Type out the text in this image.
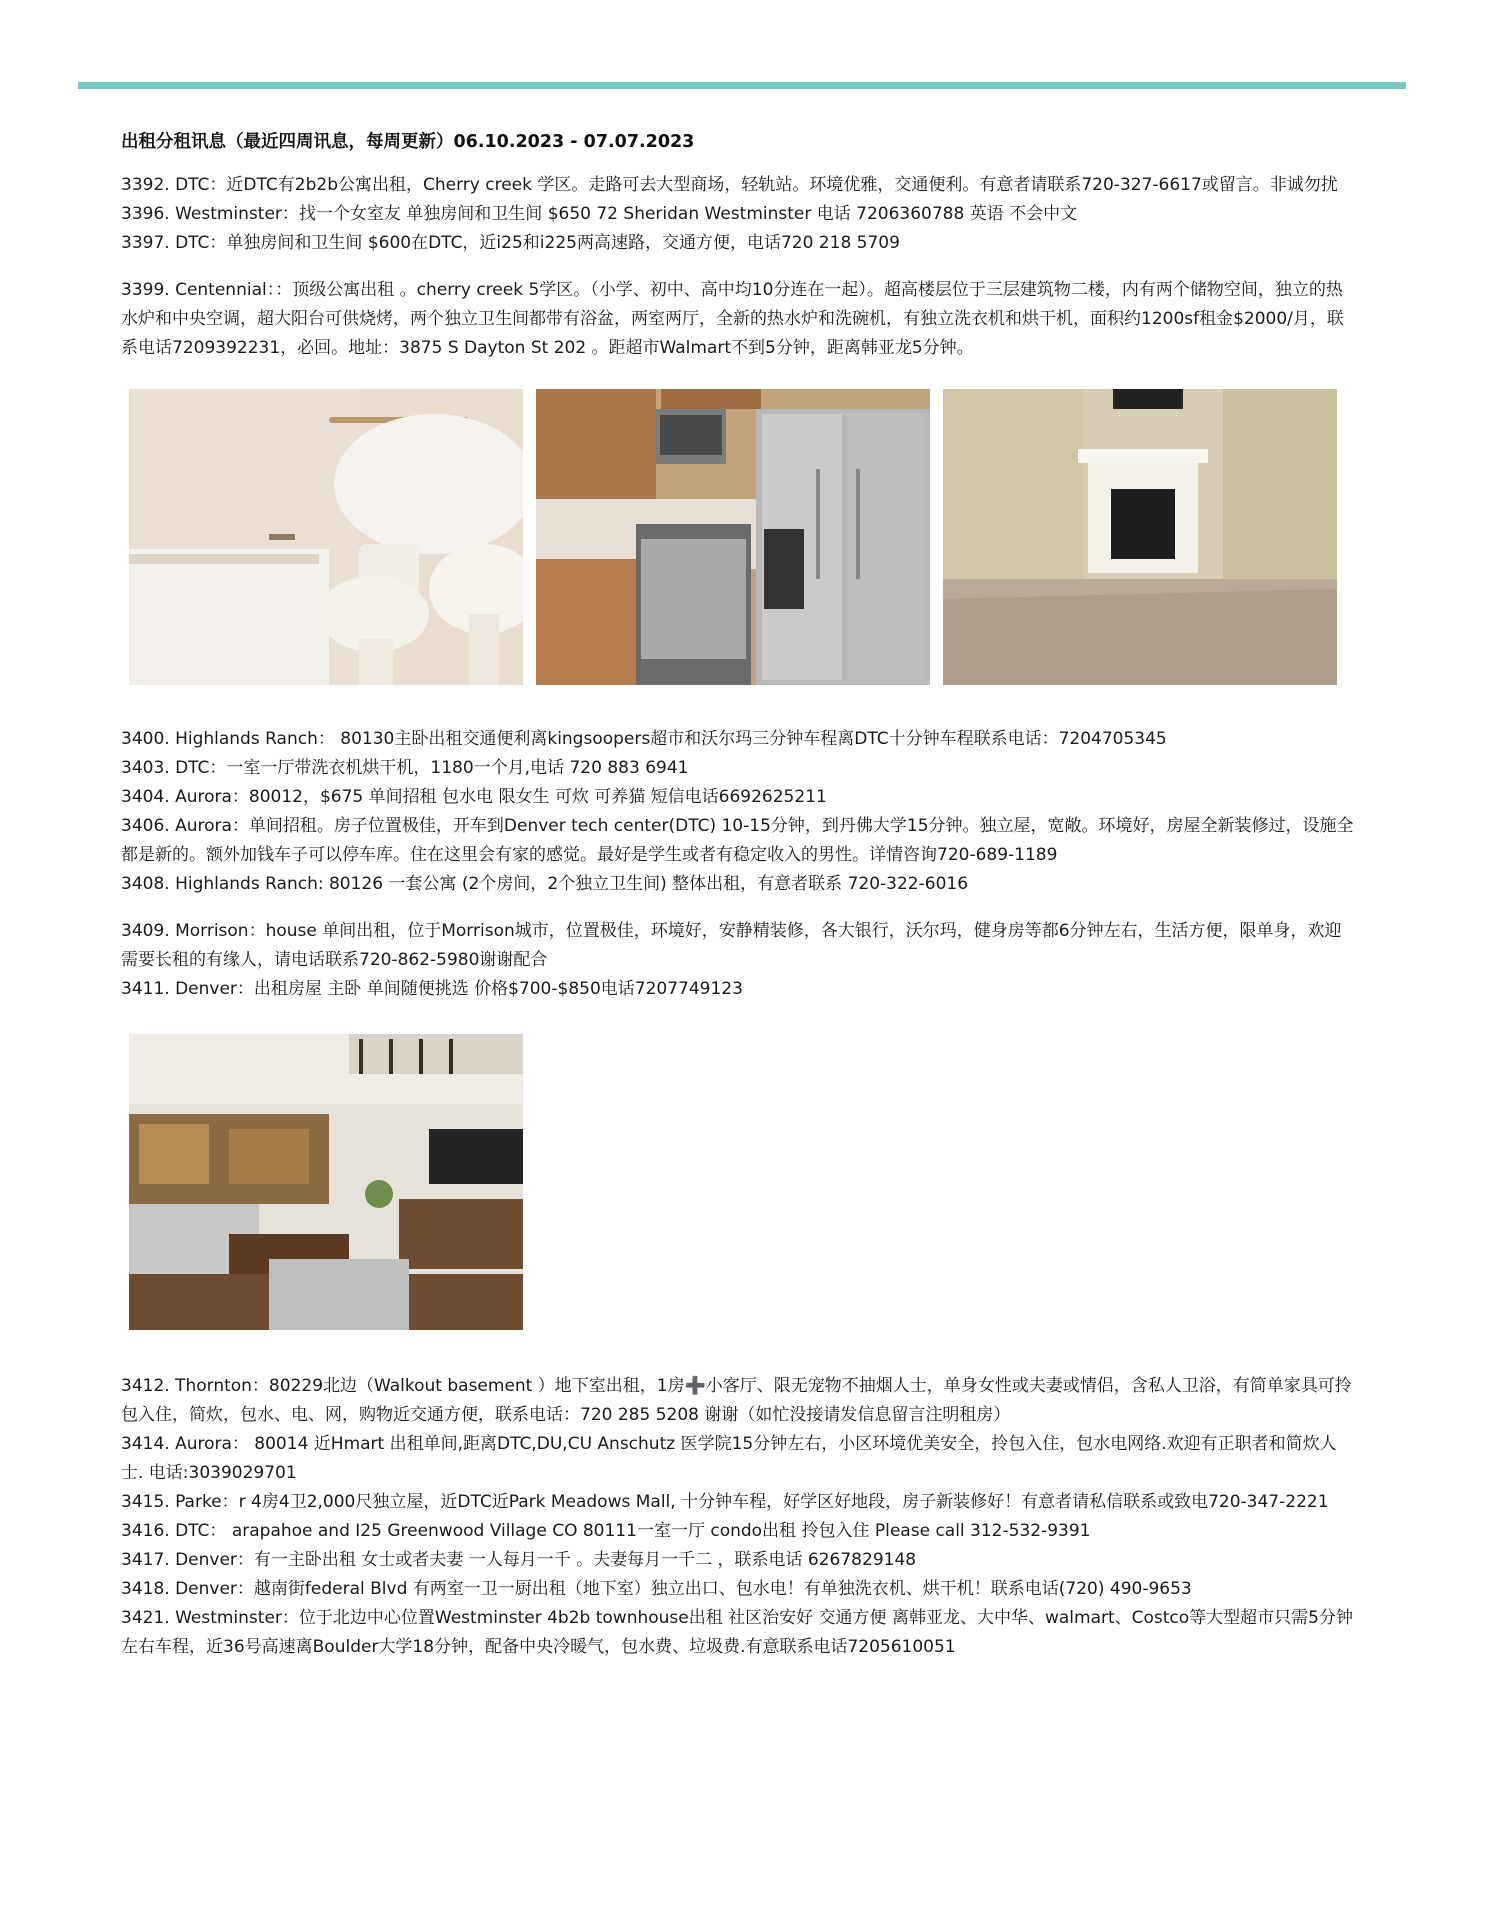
出租分租讯息（最近四周讯息，每周更新）06.10.2023 - 07.07.2023

3392. DTC：近DTC有2b2b公寓出租，Cherry creek 学区。走路可去大型商场，轻轨站。环境优雅，交通便利。有意者请联系720-327-6617或留言。非诚勿扰
3396. Westminster：找一个女室友 单独房间和卫生间 $650 72 Sheridan Westminster 电话 7206360788 英语 不会中文
3397. DTC：单独房间和卫生间 $600在DTC，近i25和i225两高速路，交通方便，电话720 218 5709

3399. Centennial：：顶级公寓出租 。cherry creek 5学区。（小学、初中、高中均10分连在一起）。超高楼层位于三层建筑物二楼，内有两个储物空间，独立的热水炉和中央空调，超大阳台可供烧烤，两个独立卫生间都带有浴盆，两室两厅，全新的热水炉和洗碗机，有独立洗衣机和烘干机，面积约1200sf租金$2000/月，联系电话7209392231，必回。地址：3875 S Dayton St 202 。距超市Walmart不到5分钟，距离韩亚龙5分钟。

3400. Highlands Ranch： 80130主卧出租交通便利离kingsoopers超市和沃尔玛三分钟车程离DTC十分钟车程联系电话：7204705345
3403. DTC：一室一厅带洗衣机烘干机，1180一个月,电话 720 883 6941
3404. Aurora：80012，$675 单间招租 包水电 限女生 可炊 可养猫 短信电话6692625211
3406. Aurora：单间招租。房子位置极佳，开车到Denver tech center(DTC) 10-15分钟，到丹佛大学15分钟。独立屋，宽敞。环境好，房屋全新装修过，设施全都是新的。额外加钱车子可以停车库。住在这里会有家的感觉。最好是学生或者有稳定收入的男性。详情咨询720-689-1189
3408. Highlands Ranch: 80126 一套公寓 (2个房间，2个独立卫生间) 整体出租，有意者联系 720-322-6016

3409. Morrison：house 单间出租，位于Morrison城市，位置极佳，环境好，安静精装修，各大银行，沃尔玛，健身房等都6分钟左右，生活方便，限单身，欢迎需要长租的有缘人，请电话联系720-862-5980谢谢配合
3411. Denver：出租房屋 主卧 单间随便挑选 价格$700-$850电话7207749123

3412. Thornton：80229北边（Walkout basement ）地下室出租，1房➕小客厅、限无宠物不抽烟人士，单身女性或夫妻或情侣，含私人卫浴，有简单家具可拎包入住，简炊，包水、电、网，购物近交通方便，联系电话：720 285 5208 谢谢（如忙没接请发信息留言注明租房）
3414. Aurora： 80014 近Hmart 出租单间,距离DTC,DU,CU Anschutz 医学院15分钟左右，小区环境优美安全，拎包入住，包水电网络.欢迎有正职者和简炊人士. 电话:3039029701
3415. Parke：r 4房4卫2,000尺独立屋，近DTC近Park Meadows Mall, 十分钟车程，好学区好地段，房子新装修好！有意者请私信联系或致电720-347-2221
3416. DTC： arapahoe and I25 Greenwood Village CO 80111一室一厅 condo出租 拎包入住 Please call 312-532-9391
3417. Denver：有一主卧出租 女士或者夫妻 一人每月一千 。夫妻每月一千二 ，联系电话 6267829148
3418. Denver：越南街federal Blvd 有两室一卫一厨出租（地下室）独立出口、包水电！有单独洗衣机、烘干机！联系电话(720) 490-9653
3421. Westminster：位于北边中心位置Westminster 4b2b townhouse出租 社区治安好 交通方便 离韩亚龙、大中华、walmart、Costco等大型超市只需5分钟左右车程，近36号高速离Boulder大学18分钟，配备中央冷暖气，包水费、垃圾费.有意联系电话7205610051
